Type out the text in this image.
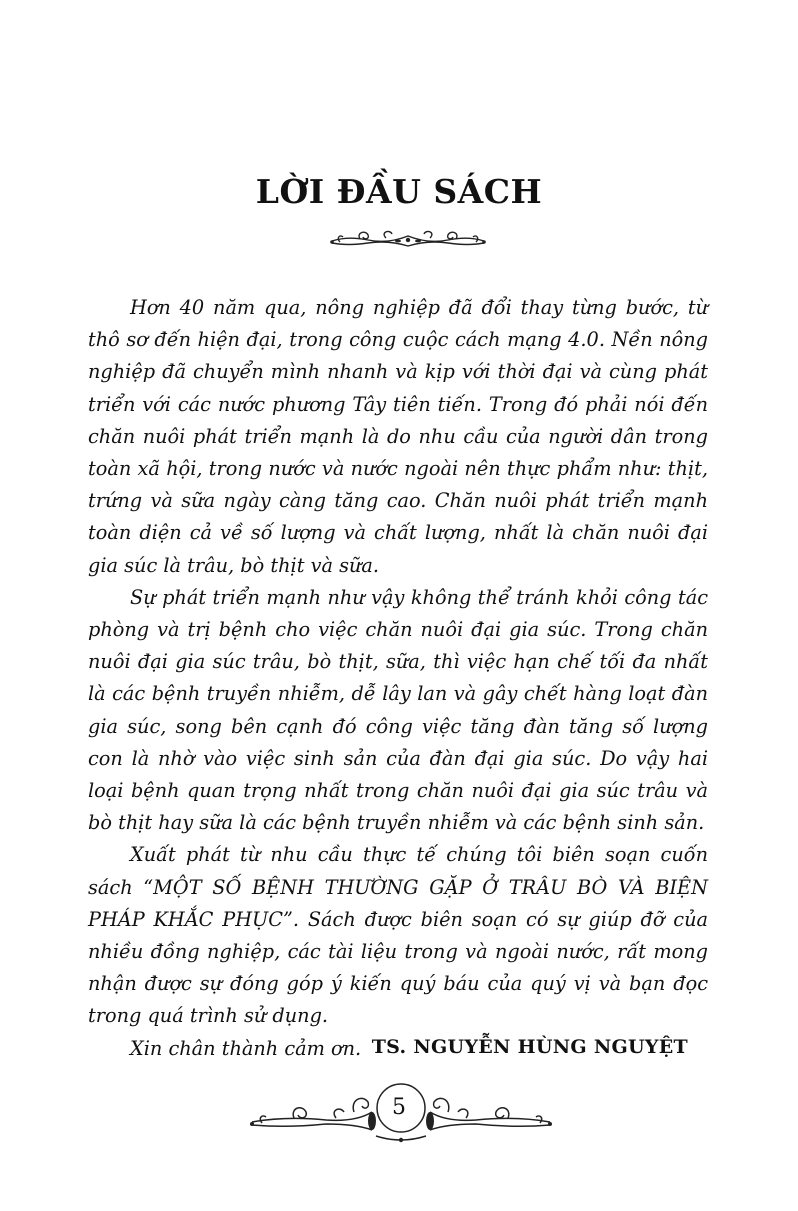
LỜI ĐẦU SÁCH

Hơn 40 năm qua, nông nghiệp đã đổi thay từng bước, từ thô sơ đến hiện đại, trong công cuộc cách mạng 4.0. Nền nông nghiệp đã chuyển mình nhanh và kịp với thời đại và cùng phát triển với các nước phương Tây tiên tiến. Trong đó phải nói đến chăn nuôi phát triển mạnh là do nhu cầu của người dân trong toàn xã hội, trong nước và nước ngoài nên thực phẩm như: thịt, trứng và sữa ngày càng tăng cao. Chăn nuôi phát triển mạnh toàn diện cả về số lượng và chất lượng, nhất là chăn nuôi đại gia súc là trâu, bò thịt và sữa.

Sự phát triển mạnh như vậy không thể tránh khỏi công tác phòng và trị bệnh cho việc chăn nuôi đại gia súc. Trong chăn nuôi đại gia súc trâu, bò thịt, sữa, thì việc hạn chế tối đa nhất là các bệnh truyền nhiễm, dễ lây lan và gây chết hàng loạt đàn gia súc, song bên cạnh đó công việc tăng đàn tăng số lượng con là nhờ vào việc sinh sản của đàn đại gia súc. Do vậy hai loại bệnh quan trọng nhất trong chăn nuôi đại gia súc trâu và bò thịt hay sữa là các bệnh truyền nhiễm và các bệnh sinh sản.

Xuất phát từ nhu cầu thực tế chúng tôi biên soạn cuốn sách “MỘT SỐ BỆNH THƯỜNG GẶP Ở TRÂU BÒ VÀ BIỆN PHÁP KHẮC PHỤC”. Sách được biên soạn có sự giúp đỡ của nhiều đồng nghiệp, các tài liệu trong và ngoài nước, rất mong nhận được sự đóng góp ý kiến quý báu của quý vị và bạn đọc trong quá trình sử dụng.

Xin chân thành cảm ơn. TS. NGUYỄN HÙNG NGUYỆT
5
